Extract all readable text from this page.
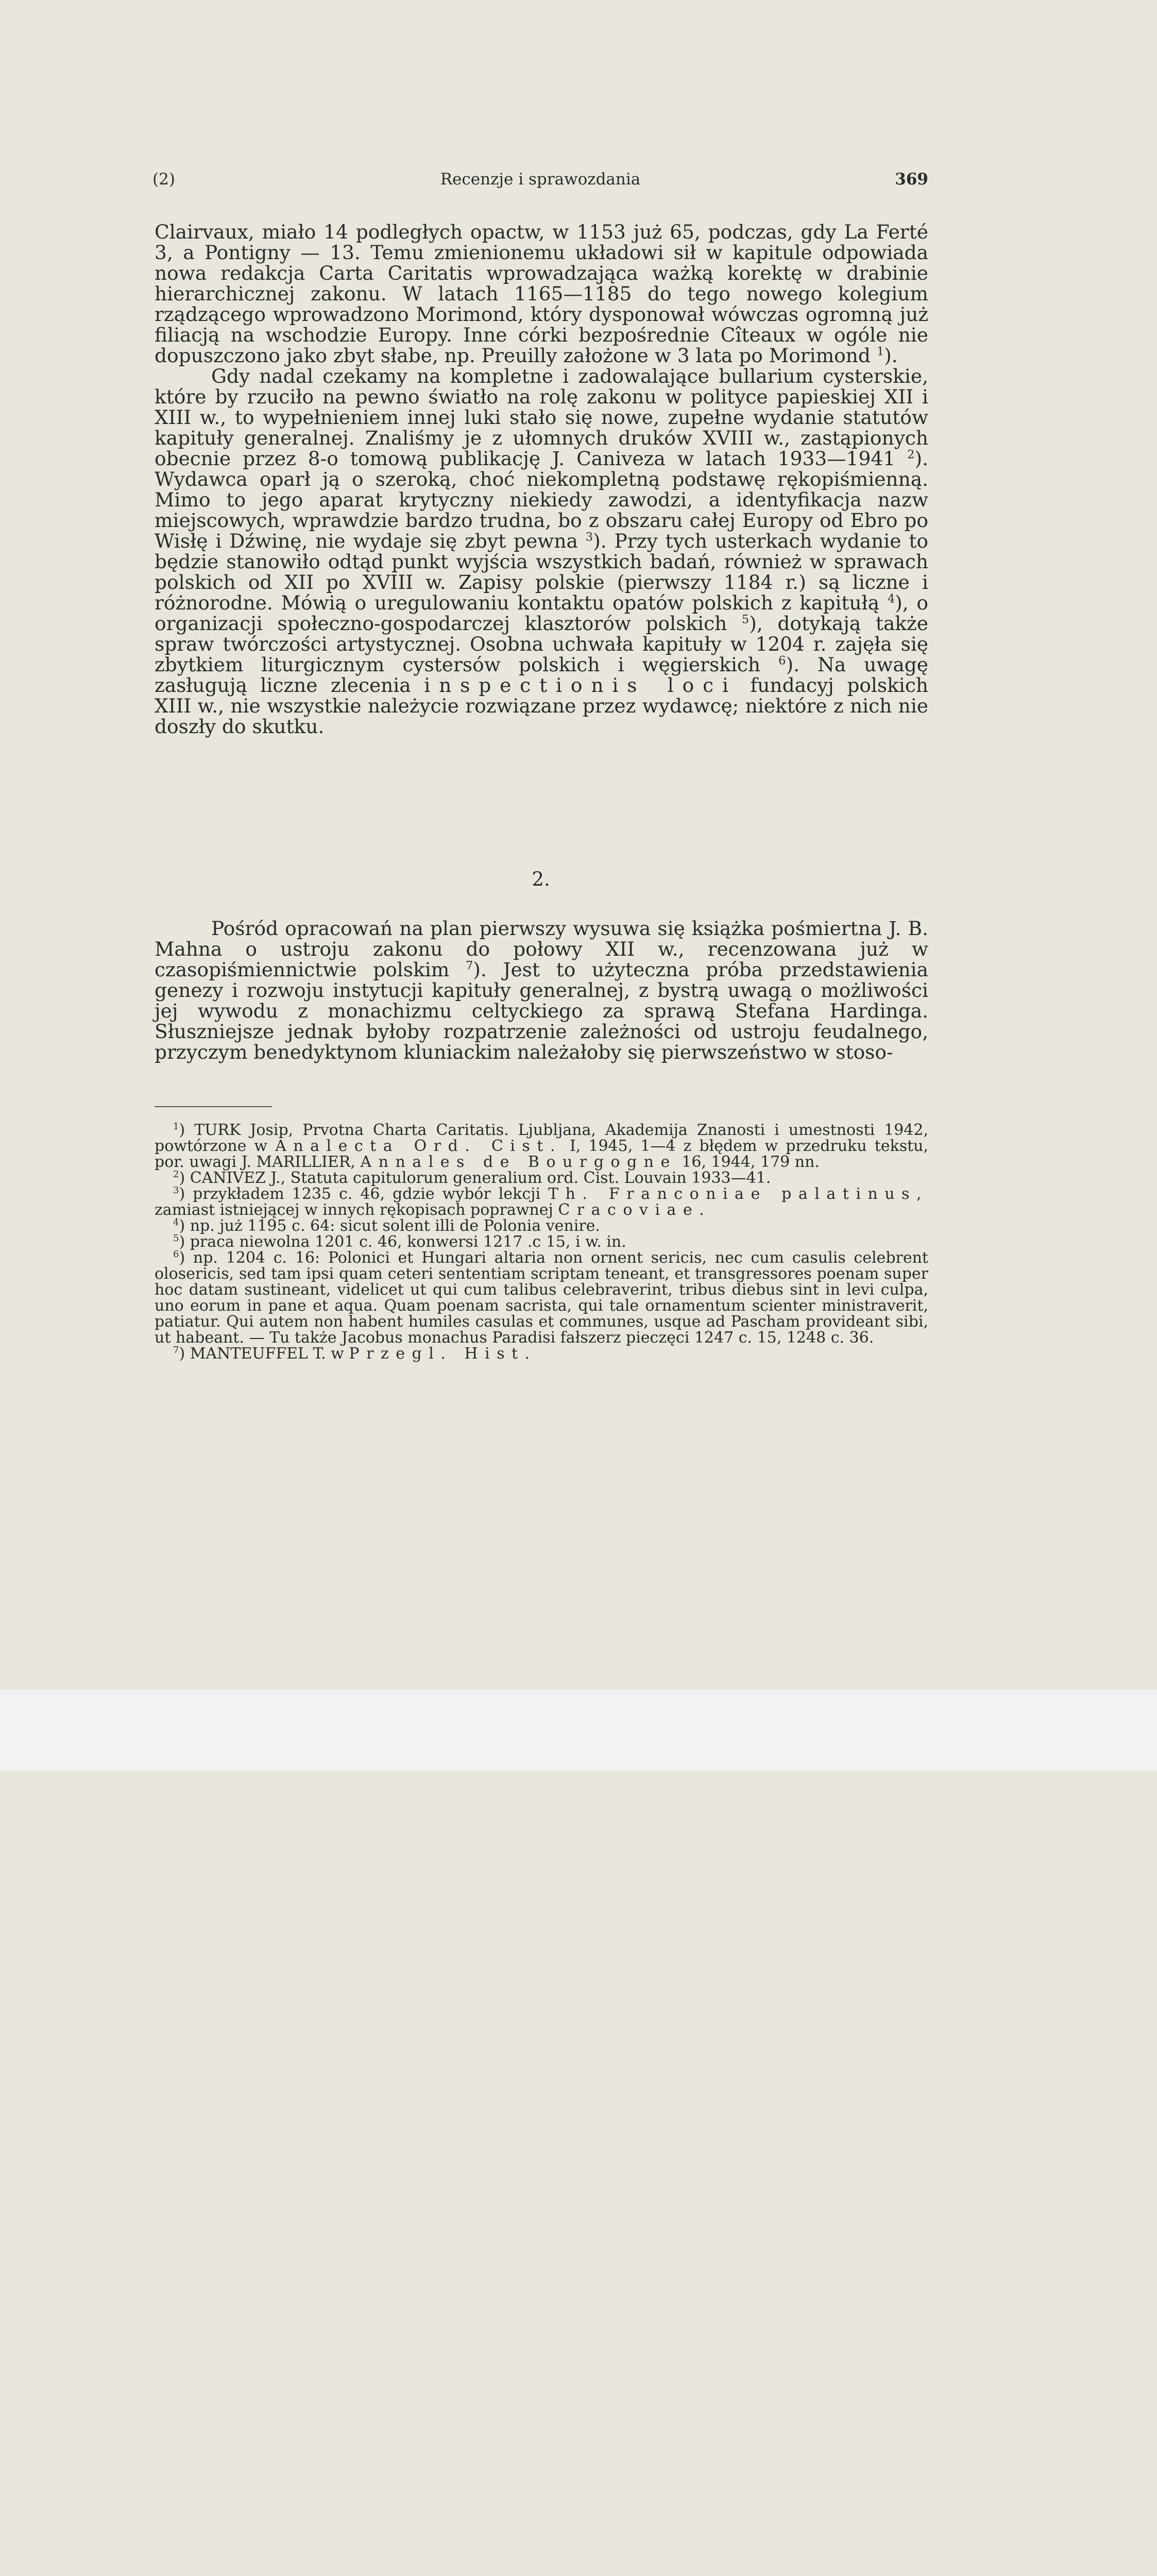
(2)	Recenzje i sprawozdania	369

Clairvaux, miało 14 podległych opactw, w 1153 już 65, podczas, gdy La Ferté 3, a Pontigny — 13. Temu zmienionemu układowi sił w kapitule odpowiada nowa redakcja Carta Caritatis wprowadzająca ważką korektę w drabinie hierarchicznej zakonu. W latach 1165—1185 do tego nowego kolegium rządzącego wprowadzono Morimond, który dysponował wówczas ogromną już filiacją na wschodzie Europy. Inne córki bezpośrednie Cîteaux w ogóle nie dopuszczono jako zbyt słabe, np. Preuilly założone w 3 lata po Morimond $^1$).

Gdy nadal czekamy na kompletne i zadowalające bullarium cysterskie, które by rzuciło na pewno światło na rolę zakonu w polityce papieskiej XII i XIII w., to wypełnieniem innej luki stało się nowe, zupełne wydanie statutów kapituły generalnej. Znaliśmy je z ułomnych druków XVIII w., zastąpionych obecnie przez 8-o tomową publikację J. Caniveza w latach 1933—1941 $^2$). Wydawca oparł ją o szeroką, choć niekompletną podstawę rękopiśmienną. Mimo to jego aparat krytyczny niekiedy zawodzi, a identyfikacja nazw miejscowych, wprawdzie bardzo trudna, bo z obszaru całej Europy od Ebro po Wisłę i Dźwinę, nie wydaje się zbyt pewna $^3$). Przy tych usterkach wydanie to będzie stanowiło odtąd punkt wyjścia wszystkich badań, również w sprawach polskich od XII po XVIII w. Zapisy polskie (pierwszy 1184 r.) są liczne i różnorodne. Mówią o uregulowaniu kontaktu opatów polskich z kapitułą $^4$), o organizacji społeczno-gospodarczej klasztorów polskich $^5$), dotykają także spraw twórczości artystycznej. Osobna uchwała kapituły w 1204 r. zajęła się zbytkiem liturgicznym cystersów polskich i węgierskich $^6$). Na uwagę zasługują liczne zlecenia inspectionis loci fundacyj polskich XIII w., nie wszystkie należycie rozwiązane przez wydawcę; niektóre z nich nie doszły do skutku.

2.

Pośród opracowań na plan pierwszy wysuwa się książka pośmiertna J. B. Mahna o ustroju zakonu do połowy XII w., recenzowana już w czasopiśmiennictwie polskim $^7$). Jest to użyteczna próba przedstawienia genezy i rozwoju instytucji kapituły generalnej, z bystrą uwagą o możliwości jej wywodu z monachizmu celtyckiego za sprawą Stefana Hardinga. Słuszniejsze jednak byłoby rozpatrzenie zależności od ustroju feudalnego, przyczym benedyktynom kluniackim należałoby się pierwszeństwo w stoso-

$^1$) TURK Josip, Prvotna Charta Caritatis. Ljubljana, Akademija Znanosti i umestnosti 1942, powtórzone w Analecta Ord. Cist. I, 1945, 1—4 z błędem w przedruku tekstu, por. uwagi J. MARILLIER, Annales de Bourgogne 16, 1944, 179 nn.

$^2$) CANIVEZ J., Statuta capitulorum generalium ord. Cist. Louvain 1933—41.

$^3$) przykładem 1235 c. 46, gdzie wybór lekcji Th. Franconiae palatinus, zamiast istniejącej w innych rękopisach poprawnej Cracoviae.

$^4$) np. już 1195 c. 64: sicut solent illi de Polonia venire.

$^5$) praca niewolna 1201 c. 46, konwersi 1217 .c 15, i w. in.

$^6$) np. 1204 c. 16: Polonici et Hungari altaria non ornent sericis, nec cum casulis celebrent olosericis, sed tam ipsi quam ceteri sententiam scriptam teneant, et transgressores poenam super hoc datam sustineant, videlicet ut qui cum talibus celebraverint, tribus diebus sint in levi culpa, uno eorum in pane et aqua. Quam poenam sacrista, qui tale ornamentum scienter ministraverit, patiatur. Qui autem non habent humiles casulas et communes, usque ad Pascham provideant sibi, ut habeant. — Tu także Jacobus monachus Paradisi fałszerz pieczęci 1247 c. 15, 1248 c. 36.

$^7$) MANTEUFFEL T. w Przegl. Hist.
